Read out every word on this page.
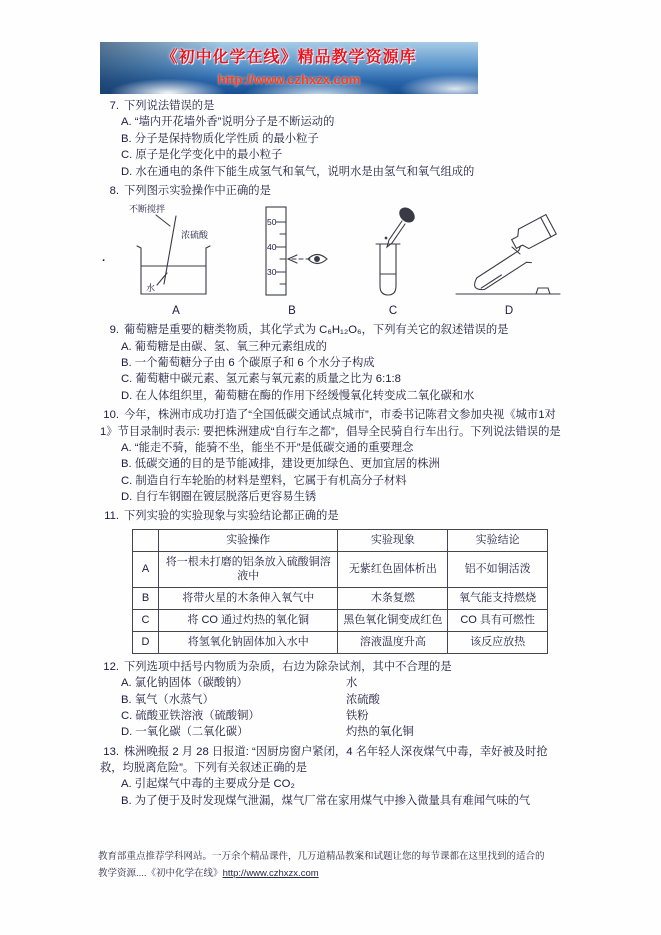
《初中化学在线》精品教学资源库
http://www.czhxzx.com
.
7. 下列说法错误的是
A. “墙内开花墙外香”说明分子是不断运动的
B. 分子是保持物质化学性质 的最小粒子
C. 原子是化学变化中的最小粒子
D. 水在通电的条件下能生成氢气和氧气，说明水是由氢气和氧气组成的
8. 下列图示实验操作中正确的是
不断搅拌
浓硫酸
水
A
50
40
30
B	C	D
9. 葡萄糖是重要的糖类物质，其化学式为 C₆H₁₂O₆，下列有关它的叙述错误的是
A. 葡萄糖是由碳、氢、氧三种元素组成的
B. 一个葡萄糖分子由 6 个碳原子和 6 个水分子构成
C. 葡萄糖中碳元素、氢元素与氧元素的质量之比为 6:1:8
D. 在人体组织里，葡萄糖在酶的作用下经缓慢氧化转变成二氧化碳和水
10. 今年，株洲市成功打造了“全国低碳交通试点城市”，市委书记陈君文参加央视《城市1对1》节目录制时表示: 要把株洲建成“自行车之都”，倡导全民骑自行车出行。下列说法错误的是
A. “能走不骑，能骑不坐，能坐不开”是低碳交通的重要理念
B. 低碳交通的目的是节能减排，建设更加绿色、更加宜居的株洲
C. 制造自行车轮胎的材料是塑料，它属于有机高分子材料
D. 自行车钢圈在镀层脱落后更容易生锈
11. 下列实验的实验现象与实验结论都正确的是
	实验操作	实验现象	实验结论
A	将一根未打磨的铝条放入硫酸铜溶液中	无紫红色固体析出	铝不如铜活泼
B	将带火星的木条伸入氧气中	木条复燃	氧气能支持燃烧
C	将 CO 通过灼热的氧化铜	黑色氧化铜变成红色	CO 具有可燃性
D	将氢氧化钠固体加入水中	溶液温度升高	该反应放热
12. 下列选项中括号内物质为杂质，右边为除杂试剂，其中不合理的是
A. 氯化钠固体（碳酸钠）	水
B. 氧气（水蒸气）	浓硫酸
C. 硫酸亚铁溶液（硫酸铜）	铁粉
D. 一氧化碳（二氧化碳）	灼热的氧化铜
13. 株洲晚报 2 月 28 日报道: “因厨房窗户紧闭，4 名年轻人深夜煤气中毒，幸好被及时抢救，均脱离危险”。下列有关叙述正确的是
A. 引起煤气中毒的主要成分是 CO₂
B. 为了便于及时发现煤气泄漏，煤气厂常在家用煤气中掺入微量具有难闻气味的气
教育部重点推荐学科网站。一万余个精品课件，几万道精品教案和试题让您的每节课都在这里找到的适合的
教学资源....《初中化学在线》http://www.czhxzx.com
